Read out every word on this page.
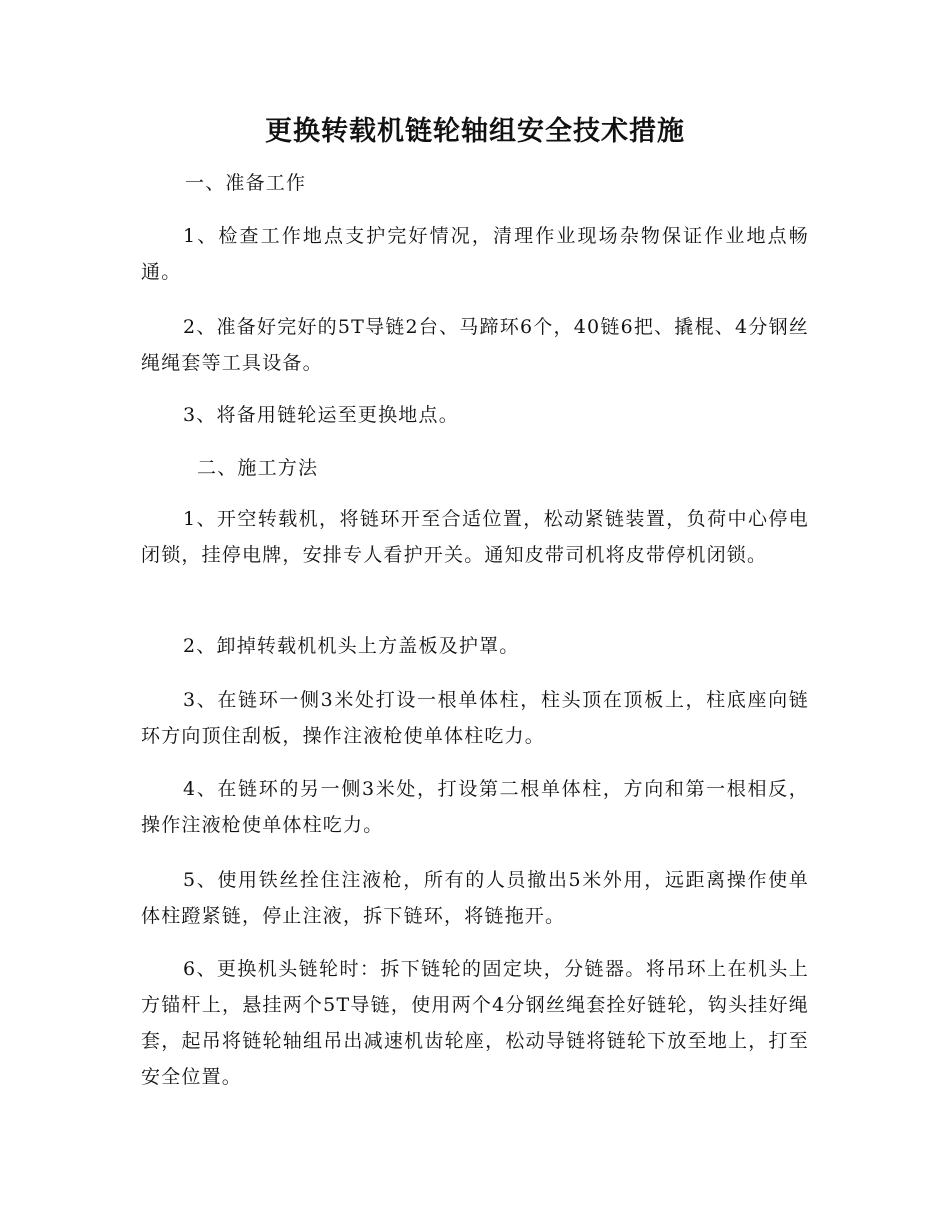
更换转载机链轮轴组安全技术措施
一、准备工作
1、检查工作地点支护完好情况，清理作业现场杂物保证作业地点畅通。
2、准备好完好的5T导链2台、马蹄环6个，40链6把、撬棍、4分钢丝绳绳套等工具设备。
3、将备用链轮运至更换地点。
二、施工方法
1、开空转载机，将链环开至合适位置，松动紧链装置，负荷中心停电闭锁，挂停电牌，安排专人看护开关。通知皮带司机将皮带停机闭锁。
2、卸掉转载机机头上方盖板及护罩。
3、在链环一侧3米处打设一根单体柱，柱头顶在顶板上，柱底座向链环方向顶住刮板，操作注液枪使单体柱吃力。
4、在链环的另一侧3米处，打设第二根单体柱，方向和第一根相反，操作注液枪使单体柱吃力。
5、使用铁丝拴住注液枪，所有的人员撤出5米外用，远距离操作使单体柱蹬紧链，停止注液，拆下链环，将链拖开。
6、更换机头链轮时：拆下链轮的固定块，分链器。将吊环上在机头上方锚杆上，悬挂两个5T导链，使用两个4分钢丝绳套拴好链轮，钩头挂好绳套，起吊将链轮轴组吊出减速机齿轮座，松动导链将链轮下放至地上，打至安全位置。
